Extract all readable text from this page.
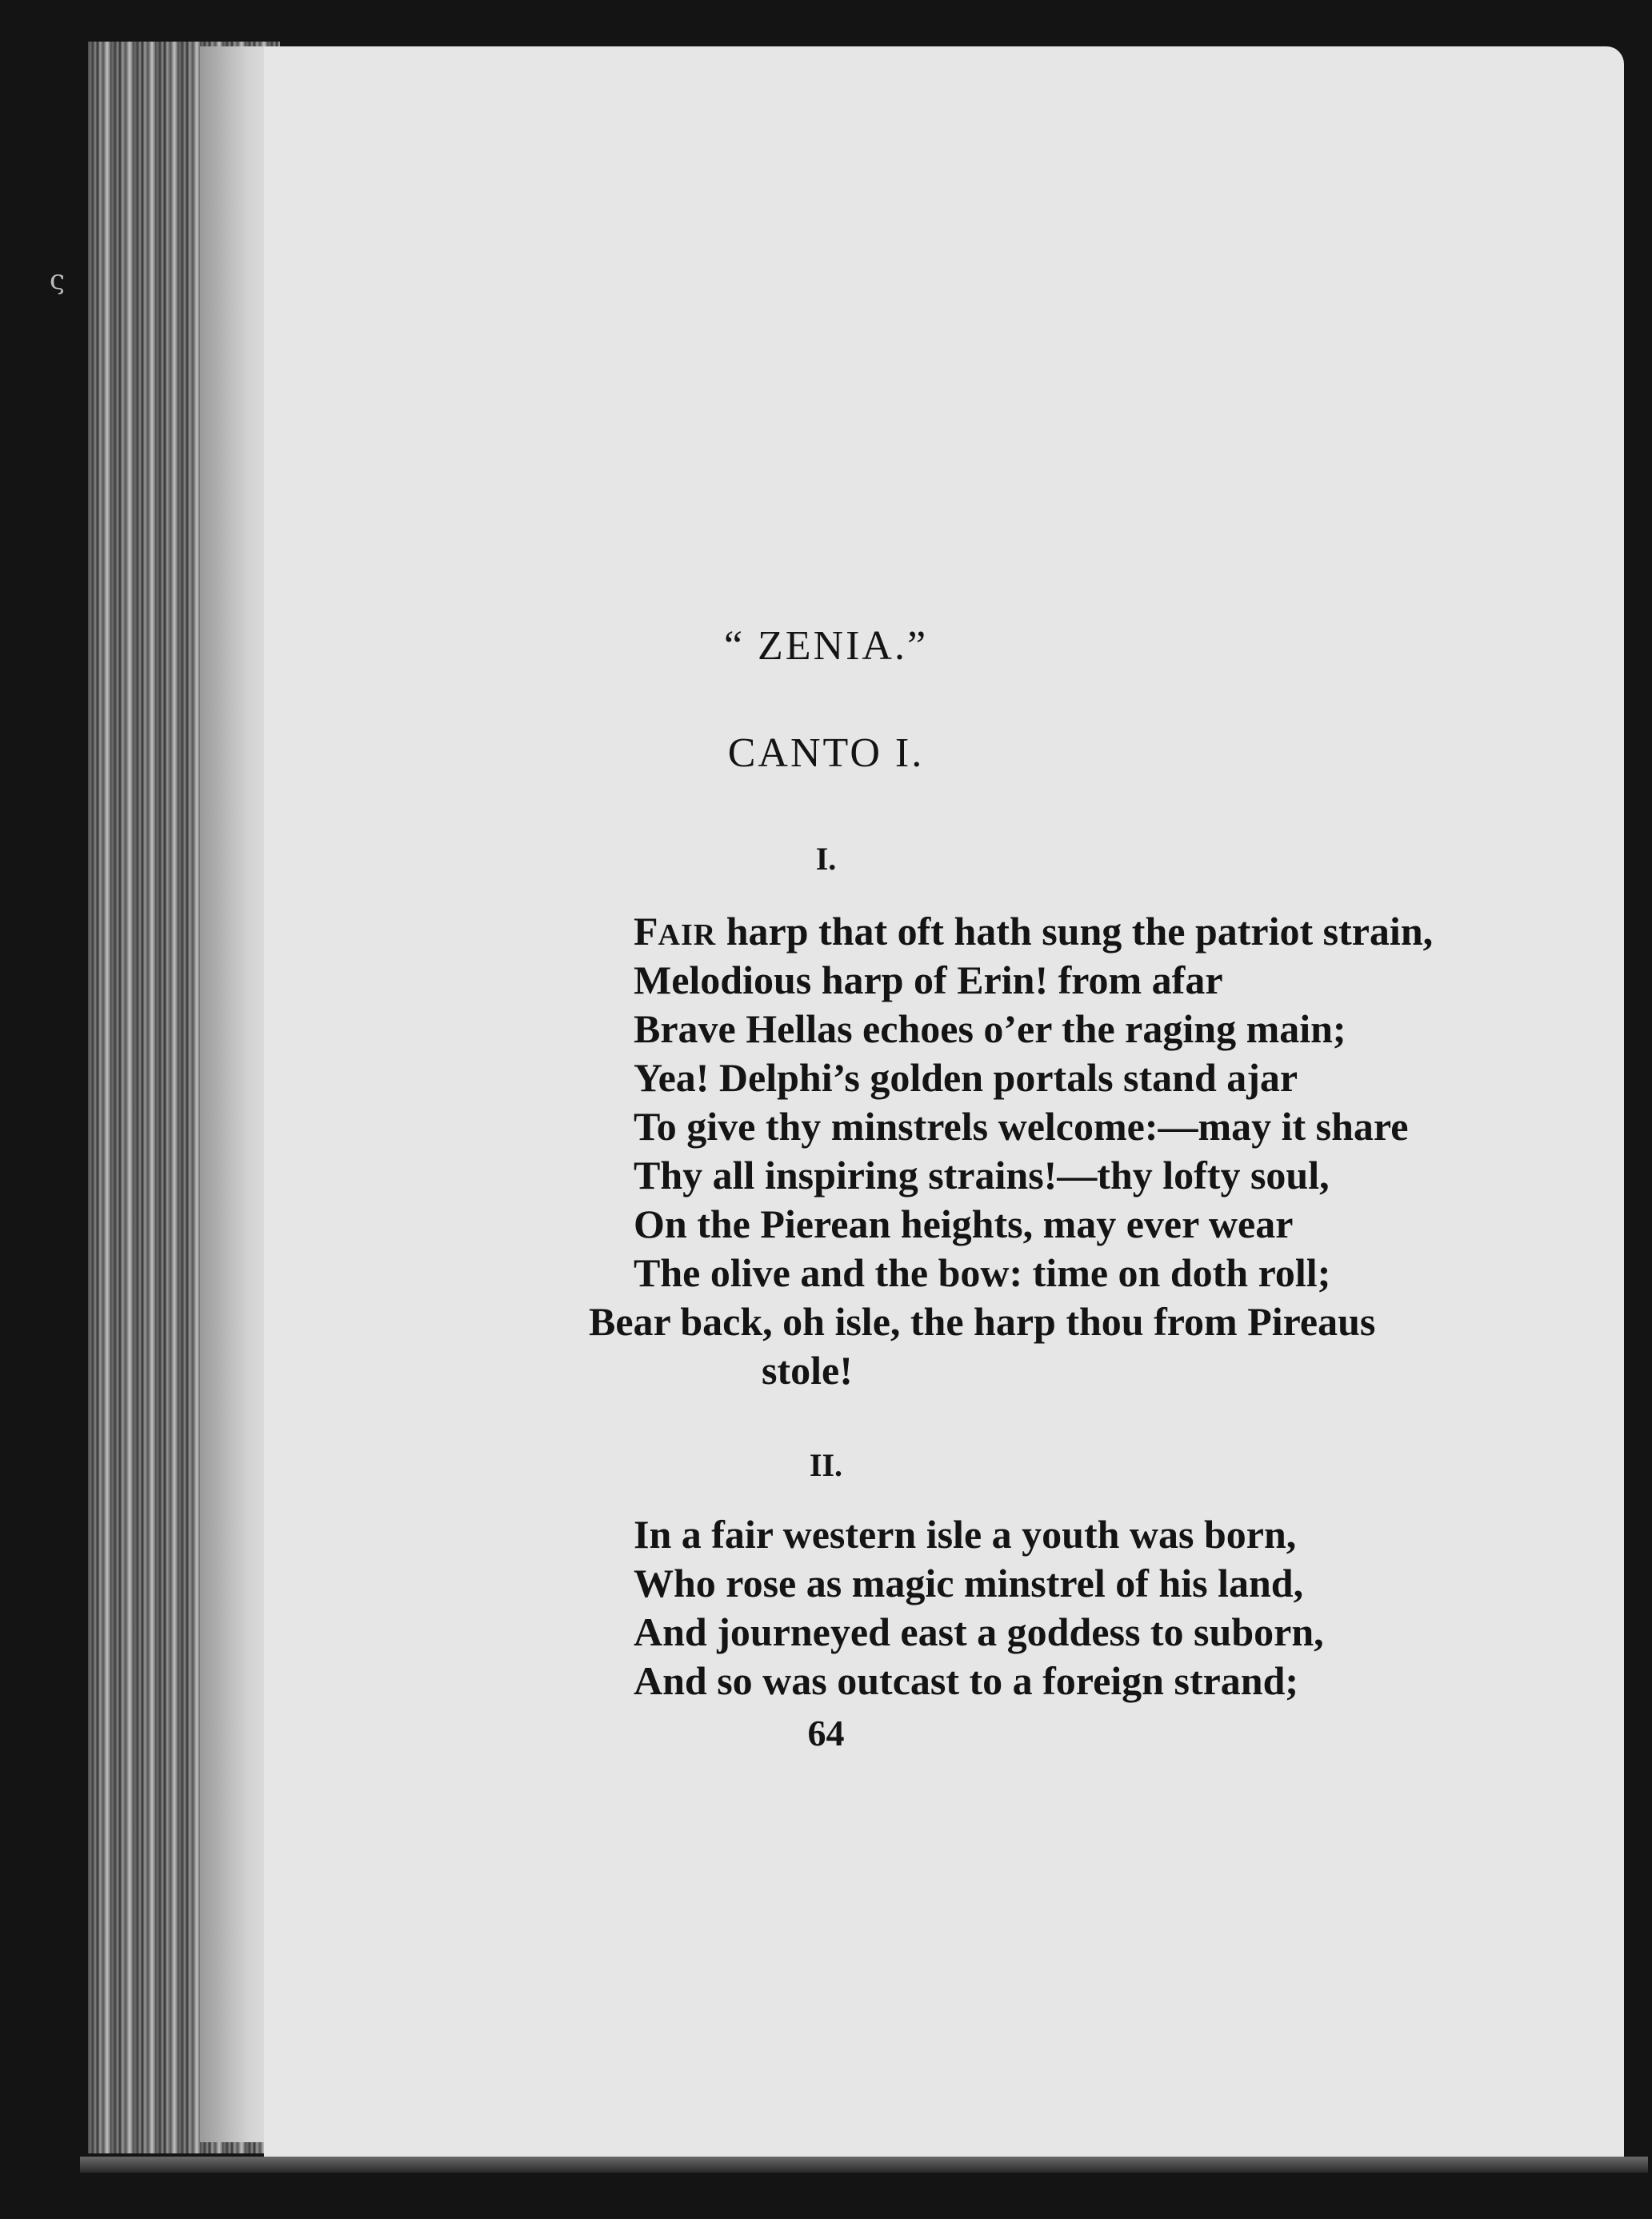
ς

“ ZENIA.”

CANTO I.

I.

FAIR harp that oft hath sung the patriot strain,

Melodious harp of Erin! from afar

Brave Hellas echoes o’er the raging main;

Yea! Delphi’s golden portals stand ajar

To give thy minstrels welcome:—may it share

Thy all inspiring strains!—thy lofty soul,

On the Pierean heights, may ever wear

The olive and the bow: time on doth roll;

Bear back, oh isle, the harp thou from Pireaus

stole!

II.

In a fair western isle a youth was born,

Who rose as magic minstrel of his land,

And journeyed east a goddess to suborn,

And so was outcast to a foreign strand;

64
